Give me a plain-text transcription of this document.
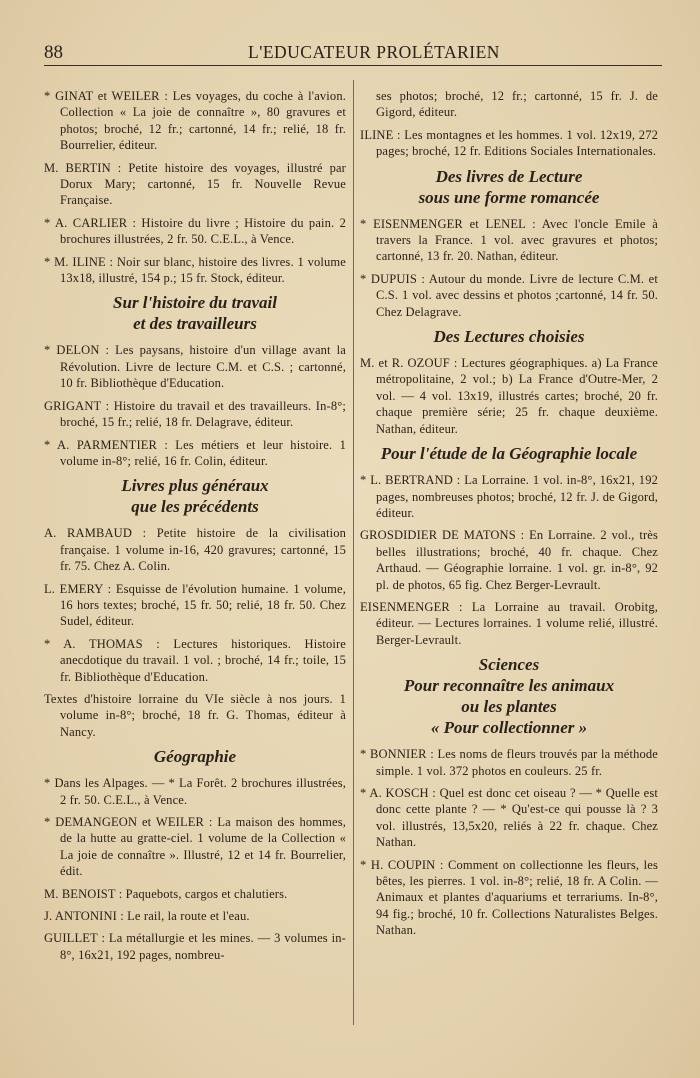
88	L'EDUCATEUR PROLÉTARIEN

* GINAT et WEILER : Les voyages, du coche à l'avion. Collection « La joie de connaître », 80 gravures et photos; broché, 12 fr.; cartonné, 14 fr.; relié, 18 fr. Bourrelier, éditeur.

M. BERTIN : Petite histoire des voyages, illustré par Dorux Mary; cartonné, 15 fr. Nouvelle Revue Française.

* A. CARLIER : Histoire du livre ; Histoire du pain. 2 brochures illustrées, 2 fr. 50. C.E.L., à Vence.

* M. ILINE : Noir sur blanc, histoire des livres. 1 volume 13x18, illustré, 154 p.; 15 fr. Stock, éditeur.

Sur l'histoire du travail
et des travailleurs

* DELON : Les paysans, histoire d'un village avant la Révolution. Livre de lecture C.M. et C.S. ; cartonné, 10 fr. Bibliothèque d'Education.

GRIGANT : Histoire du travail et des travailleurs. In-8°; broché, 15 fr.; relié, 18 fr. Delagrave, éditeur.

* A. PARMENTIER : Les métiers et leur histoire. 1 volume in-8°; relié, 16 fr. Colin, éditeur.

Livres plus généraux
que les précédents

A. RAMBAUD : Petite histoire de la civilisation française. 1 volume in-16, 420 gravures; cartonné, 15 fr. 75. Chez A. Colin.

L. EMERY : Esquisse de l'évolution humaine. 1 volume, 16 hors textes; broché, 15 fr. 50; relié, 18 fr. 50. Chez Sudel, éditeur.

* A. THOMAS : Lectures historiques. Histoire anecdotique du travail. 1 vol. ; broché, 14 fr.; toile, 15 fr. Bibliothèque d'Education.

Textes d'histoire lorraine du VIe siècle à nos jours. 1 volume in-8°; broché, 18 fr. G. Thomas, éditeur à Nancy.

Géographie

* Dans les Alpages. — * La Forêt. 2 brochures illustrées, 2 fr. 50. C.E.L., à Vence.

* DEMANGEON et WEILER : La maison des hommes, de la hutte au gratte-ciel. 1 volume de la Collection « La joie de connaître ». Illustré, 12 et 14 fr. Bourrelier, édit.

M. BENOIST : Paquebots, cargos et chalutiers.

J. ANTONINI : Le rail, la route et l'eau.

GUILLET : La métallurgie et les mines. — 3 volumes in-8°, 16x21, 192 pages, nombreu-

ses photos; broché, 12 fr.; cartonné, 15 fr. J. de Gigord, éditeur.

ILINE : Les montagnes et les hommes. 1 vol. 12x19, 272 pages; broché, 12 fr. Editions Sociales Internationales.

Des livres de Lecture
sous une forme romancée

* EISENMENGER et LENEL : Avec l'oncle Emile à travers la France. 1 vol. avec gravures et photos; cartonné, 13 fr. 20. Nathan, éditeur.

* DUPUIS : Autour du monde. Livre de lecture C.M. et C.S. 1 vol. avec dessins et photos ;cartonné, 14 fr. 50. Chez Delagrave.

Des Lectures choisies

M. et R. OZOUF : Lectures géographiques. a) La France métropolitaine, 2 vol.; b) La France d'Outre-Mer, 2 vol. — 4 vol. 13x19, illustrés cartes; broché, 20 fr. chaque première série; 25 fr. chaque deuxième. Nathan, éditeur.

Pour l'étude de la Géographie locale

* L. BERTRAND : La Lorraine. 1 vol. in-8°, 16x21, 192 pages, nombreuses photos; broché, 12 fr. J. de Gigord, éditeur.

GROSDIDIER DE MATONS : En Lorraine. 2 vol., très belles illustrations; broché, 40 fr. chaque. Chez Arthaud. — Géographie lorraine. 1 vol. gr. in-8°, 92 pl. de photos, 65 fig. Chez Berger-Levrault.

EISENMENGER : La Lorraine au travail. Orobitg, éditeur. — Lectures lorraines. 1 volume relié, illustré. Berger-Levrault.

Sciences
Pour reconnaître les animaux
ou les plantes
« Pour collectionner »

* BONNIER : Les noms de fleurs trouvés par la méthode simple. 1 vol. 372 photos en couleurs. 25 fr.

* A. KOSCH : Quel est donc cet oiseau ? — * Quelle est donc cette plante ? — * Qu'est-ce qui pousse là ? 3 vol. illustrés, 13,5x20, reliés à 22 fr. chaque. Chez Nathan.

* H. COUPIN : Comment on collectionne les fleurs, les bêtes, les pierres. 1 vol. in-8°; relié, 18 fr. A Colin. — Animaux et plantes d'aquariums et terrariums. In-8°, 94 fig.; broché, 10 fr. Collections Naturalistes Belges. Nathan.
